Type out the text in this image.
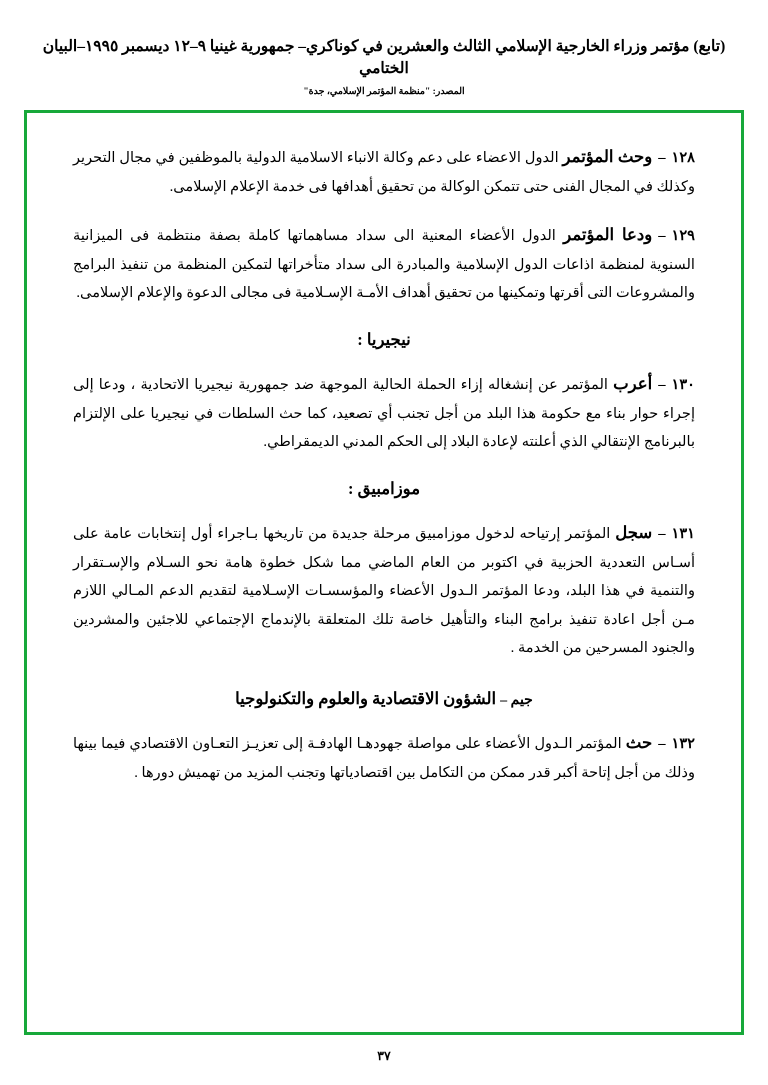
(تابع) مؤتمر وزراء الخارجية الإسلامي الثالث والعشرين في كوناكري– جمهورية غينيا ٩–١٢ ديسمبر ١٩٩٥–البيان الختامي
المصدر: "منظمة المؤتمر الإسلامي، جدة"
١٢٨–وحث المؤتمر الدول الاعضاء على دعم وكالة الانباء الاسلامية الدولية بالموظفين في مجال التحرير وكذلك في المجال الفنى حتى تتمكن الوكالة من تحقيق أهدافها فى خدمة الإعلام الإسلامى.
١٢٩–ودعا المؤتمر الدول الأعضاء المعنية الى سداد مساهماتها كاملة بصفة منتظمة فى الميزانية السنوية لمنظمة اذاعات الدول الإسلامية والمبادرة الى سداد متأخراتها لتمكين المنظمة من تنفيذ البرامج والمشروعات التى أقرتها وتمكينها من تحقيق أهداف الأمـة الإسـلامية فى مجالى الدعوة والإعلام الإسلامى.
نيجيريا :
١٣٠–أعرب المؤتمر عن إنشغاله إزاء الحملة الحالية الموجهة ضد جمهورية نيجيريا الاتحادية ، ودعا إلى إجراء حوار بناء مع حكومة هذا البلد من أجل تجنب أي تصعيد، كما حث السلطات في نيجيريا على الإلتزام بالبرنامج الإنتقالي الذي أعلنته لإعادة البلاد إلى الحكم المدني الديمقراطي.
موزامبيق :
١٣١–سجل المؤتمر إرتياحه لدخول موزامبيق مرحلة جديدة من تاريخها بـاجراء أول إنتخابات عامة على أسـاس التعددية الحزبية في اكتوبر من العام الماضي مما شكل خطوة هامة نحو السـلام والإسـتقرار والتنمية في هذا البلد، ودعا المؤتمر الـدول الأعضاء والمؤسسـات الإسـلامية لتقديم الدعم المـالي اللازم مـن أجل اعادة تنفيذ برامج البناء والتأهيل خاصة تلك المتعلقة بالإندماج الإجتماعي للاجئين والمشردين والجنود المسرحين من الخدمة .
جيم – الشؤون الاقتصادية والعلوم والتكنولوجيا
١٣٢–حث المؤتمر الـدول الأعضاء على مواصلة جهودهـا الهادفـة إلى تعزيـز التعـاون الاقتصادي فيما بينها وذلك من أجل إتاحة أكبر قدر ممكن من التكامل بين اقتصادياتها وتجنب المزيد من تهميش دورها .
٣٧
